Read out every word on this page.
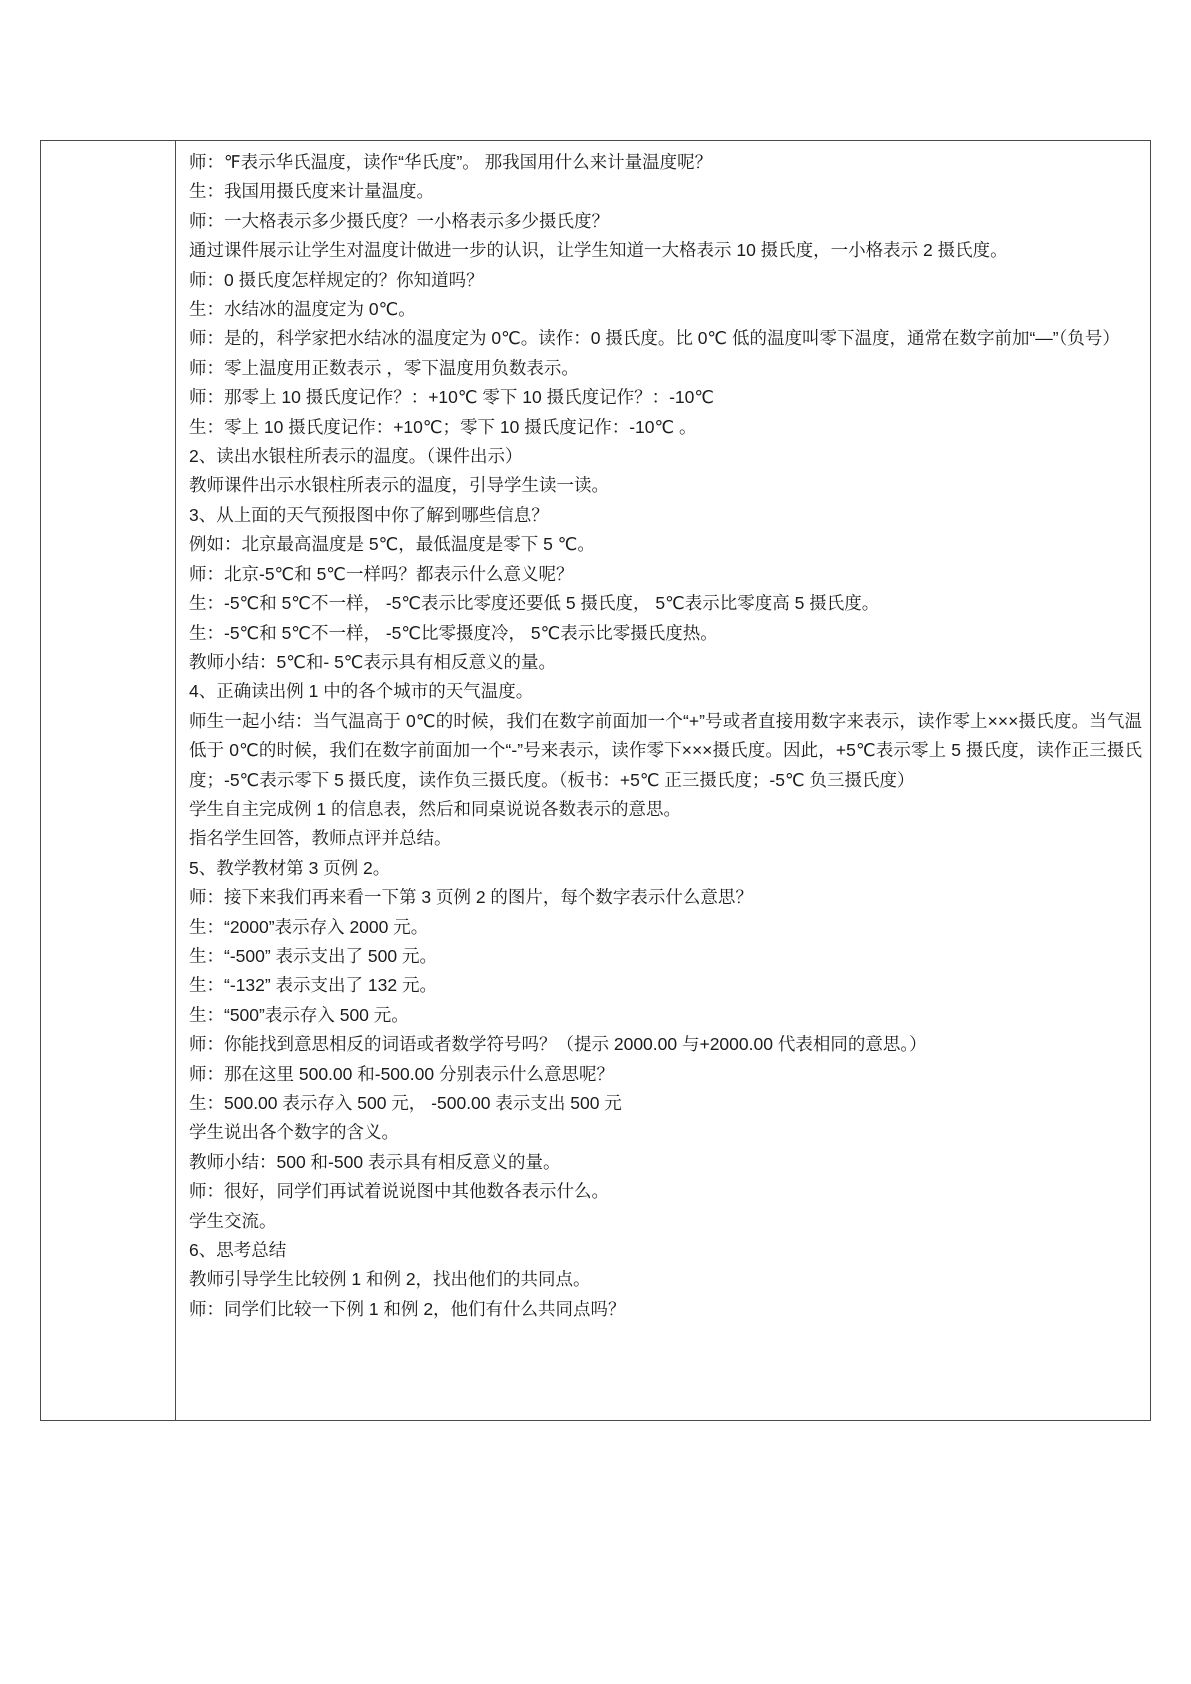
师：℉表示华氏温度，读作“华氏度”。 那我国用什么来计量温度呢？

生：我国用摄氏度来计量温度。

师：一大格表示多少摄氏度？一小格表示多少摄氏度？

通过课件展示让学生对温度计做进一步的认识，让学生知道一大格表示 10 摄氏度，一小格表示 2 摄氏度。

师：0 摄氏度怎样规定的？你知道吗？

生：水结冰的温度定为 0℃。

师：是的，科学家把水结冰的温度定为 0℃。读作：0 摄氏度。比 0℃ 低的温度叫零下温度，通常在数字前加“—”（负号）

师：零上温度用正数表示 ，零下温度用负数表示。

师：那零上 10 摄氏度记作？：+10℃ 零下 10 摄氏度记作？：-10℃

生：零上 10 摄氏度记作：+10℃；零下 10 摄氏度记作：-10℃ 。

2、读出水银柱所表示的温度。（课件出示）

教师课件出示水银柱所表示的温度，引导学生读一读。

3、从上面的天气预报图中你了解到哪些信息？

例如：北京最高温度是 5℃，最低温度是零下 5 ℃。

师：北京-5℃和 5℃一样吗？都表示什么意义呢？

生：-5℃和 5℃不一样， -5℃表示比零度还要低 5 摄氏度， 5℃表示比零度高 5 摄氏度。

生：-5℃和 5℃不一样， -5℃比零摄度冷， 5℃表示比零摄氏度热。

教师小结：5℃和- 5℃表示具有相反意义的量。

4、正确读出例 1 中的各个城市的天气温度。

师生一起小结：当气温高于 0℃的时候，我们在数字前面加一个“+”号或者直接用数字来表示，读作零上×××摄氏度。当气温低于 0℃的时候，我们在数字前面加一个“-”号来表示，读作零下×××摄氏度。因此，+5℃表示零上 5 摄氏度，读作正三摄氏度；-5℃表示零下 5 摄氏度，读作负三摄氏度。（板书：+5℃ 正三摄氏度；-5℃ 负三摄氏度）

学生自主完成例 1 的信息表，然后和同桌说说各数表示的意思。

指名学生回答，教师点评并总结。

5、教学教材第 3 页例 2。

师：接下来我们再来看一下第 3 页例 2 的图片，每个数字表示什么意思？

生：“2000”表示存入 2000 元。

生：“-500” 表示支出了 500 元。

生：“-132” 表示支出了 132 元。

生：“500”表示存入 500 元。

师：你能找到意思相反的词语或者数学符号吗？（提示 2000.00 与+2000.00 代表相同的意思。）

师：那在这里 500.00 和-500.00 分别表示什么意思呢？

生：500.00 表示存入 500 元， -500.00 表示支出 500 元

学生说出各个数字的含义。

教师小结：500 和-500 表示具有相反意义的量。

师：很好，同学们再试着说说图中其他数各表示什么。

学生交流。

6、思考总结

教师引导学生比较例 1 和例 2，找出他们的共同点。

师：同学们比较一下例 1 和例 2，他们有什么共同点吗？
